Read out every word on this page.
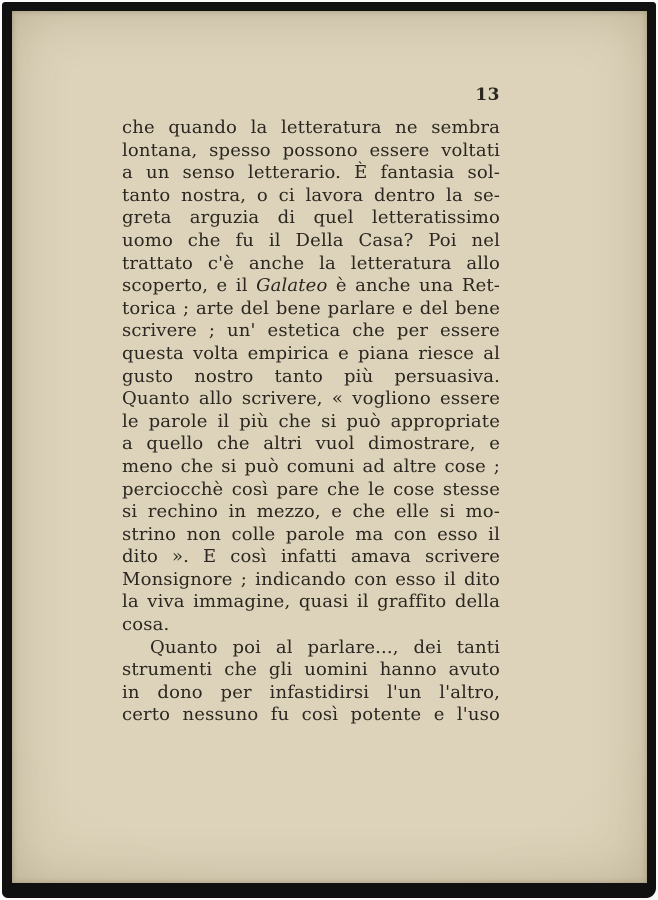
13
che quando la letteratura ne sembra
lontana, spesso possono essere voltati
a un senso letterario. È fantasia sol-
tanto nostra, o ci lavora dentro la se-
greta arguzia di quel letteratissimo
uomo che fu il Della Casa? Poi nel
trattato c'è anche la letteratura allo
scoperto, e il Galateo è anche una Ret-
torica ; arte del bene parlare e del bene
scrivere ; un' estetica che per essere
questa volta empirica e piana riesce al
gusto nostro tanto più persuasiva.
Quanto allo scrivere, « vogliono essere
le parole il più che si può appropriate
a quello che altri vuol dimostrare, e
meno che si può comuni ad altre cose ;
perciocchè così pare che le cose stesse
si rechino in mezzo, e che elle si mo-
strino non colle parole ma con esso il
dito ». E così infatti amava scrivere
Monsignore ; indicando con esso il dito
la viva immagine, quasi il graffito della
cosa.
Quanto poi al parlare..., dei tanti
strumenti che gli uomini hanno avuto
in dono per infastidirsi l'un l'altro,
certo nessuno fu così potente e l'uso
